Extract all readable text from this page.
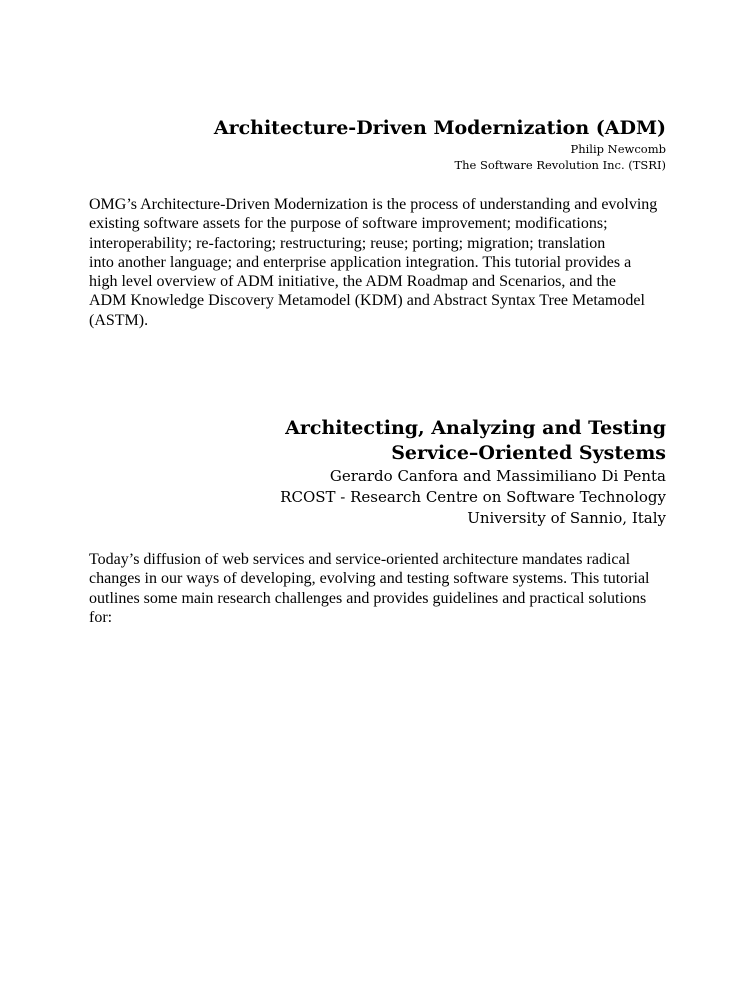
Architecture-Driven Modernization (ADM)

Philip Newcomb

The Software Revolution Inc. (TSRI)

OMG’s Architecture-Driven Modernization is the process of understanding and evolving
existing software assets for the purpose of software improvement; modifications;
interoperability; re-factoring; restructuring; reuse; porting; migration; translation
into another language; and enterprise application integration. This tutorial provides a
high level overview of ADM initiative, the ADM Roadmap and Scenarios, and the
ADM Knowledge Discovery Metamodel (KDM) and Abstract Syntax Tree Metamodel
(ASTM).
Architecting, Analyzing and Testing
Service–Oriented Systems

Gerardo Canfora and Massimiliano Di Penta

RCOST - Research Centre on Software Technology

University of Sannio, Italy

Today’s diffusion of web services and service-oriented architecture mandates radical
changes in our ways of developing, evolving and testing software systems. This tutorial
outlines some main research challenges and provides guidelines and practical solutions
for:
